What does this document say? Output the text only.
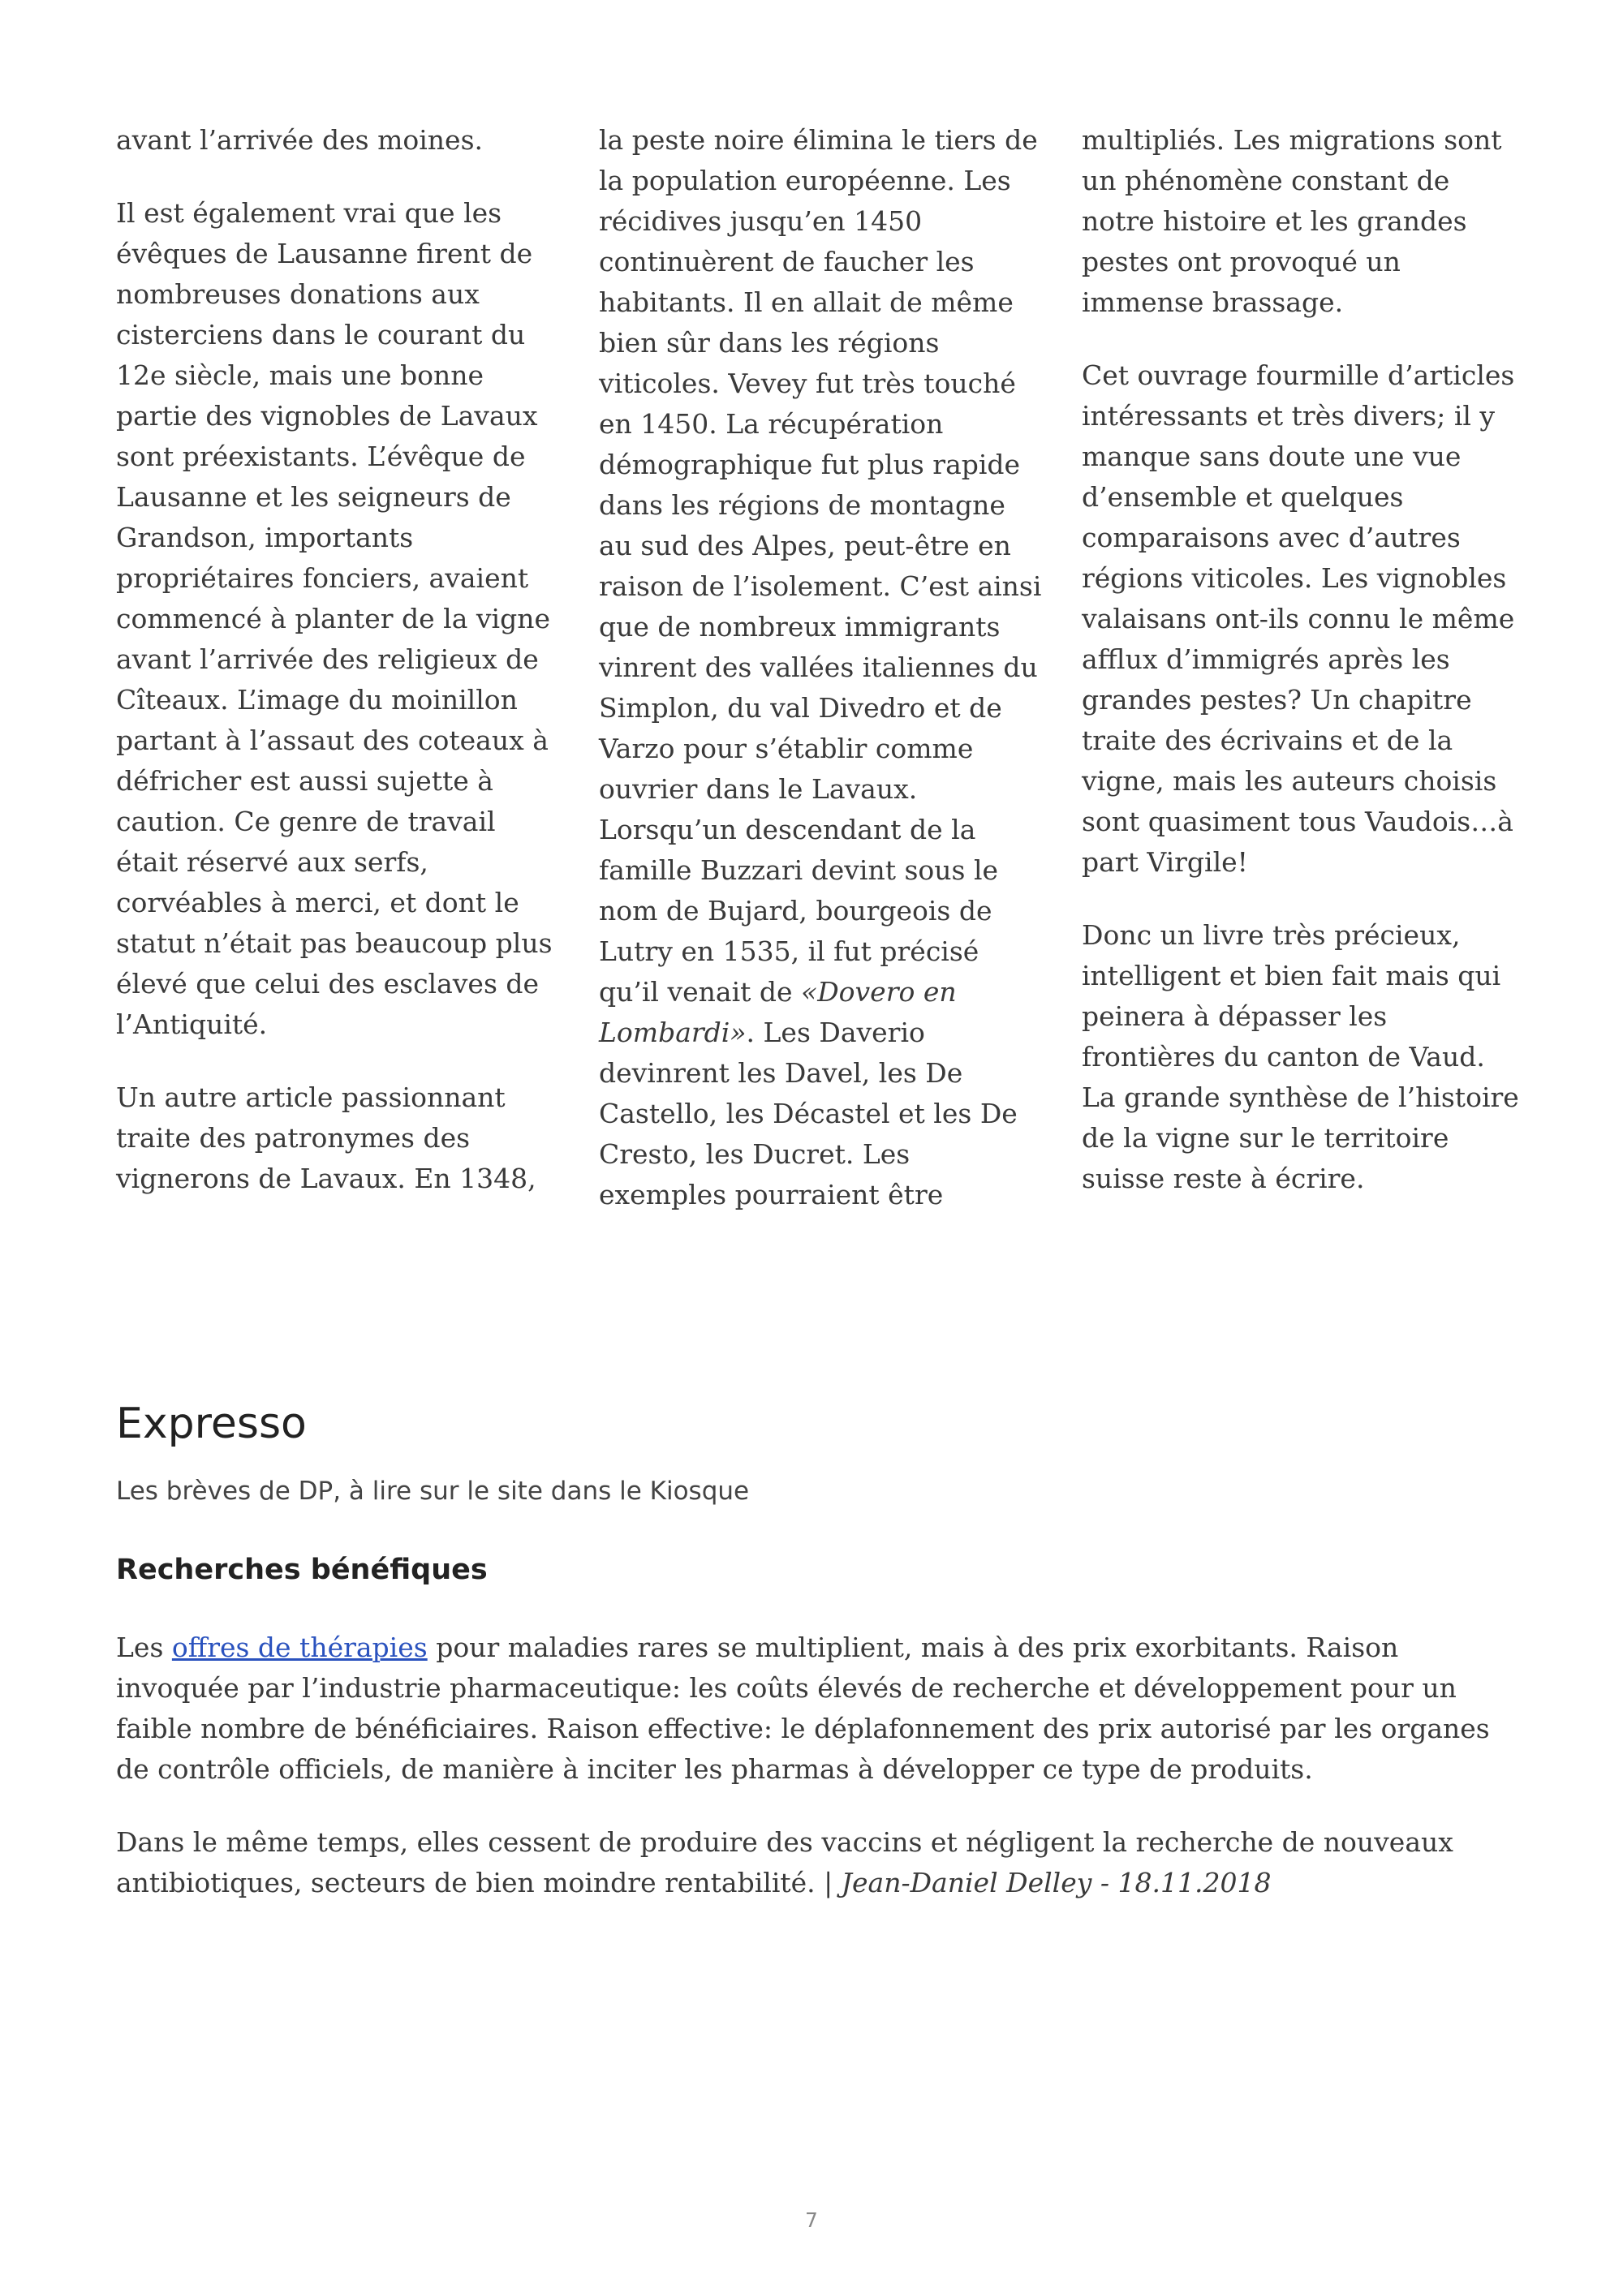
avant l’arrivée des moines.

Il est également vrai que les évêques de Lausanne firent de nombreuses donations aux cisterciens dans le courant du 12e siècle, mais une bonne partie des vignobles de Lavaux sont préexistants. L’évêque de Lausanne et les seigneurs de Grandson, importants propriétaires fonciers, avaient commencé à planter de la vigne avant l’arrivée des religieux de Cîteaux. L’image du moinillon partant à l’assaut des coteaux à défricher est aussi sujette à caution. Ce genre de travail était réservé aux serfs, corvéables à merci, et dont le statut n’était pas beaucoup plus élevé que celui des esclaves de l’Antiquité.

Un autre article passionnant traite des patronymes des vignerons de Lavaux. En 1348,

la peste noire élimina le tiers de la population européenne. Les récidives jusqu’en 1450 continuèrent de faucher les habitants. Il en allait de même bien sûr dans les régions viticoles. Vevey fut très touché en 1450. La récupération démographique fut plus rapide dans les régions de montagne au sud des Alpes, peut-être en raison de l’isolement. C’est ainsi que de nombreux immigrants vinrent des vallées italiennes du Simplon, du val Divedro et de Varzo pour s’établir comme ouvrier dans le Lavaux. Lorsqu’un descendant de la famille Buzzari devint sous le nom de Bujard, bourgeois de Lutry en 1535, il fut précisé qu’il venait de «Dovero en Lombardi». Les Daverio devinrent les Davel, les De Castello, les Décastel et les De Cresto, les Ducret. Les exemples pourraient être

multipliés. Les migrations sont un phénomène constant de notre histoire et les grandes pestes ont provoqué un immense brassage.

Cet ouvrage fourmille d’articles intéressants et très divers; il y manque sans doute une vue d’ensemble et quelques comparaisons avec d’autres régions viticoles. Les vignobles valaisans ont-ils connu le même afflux d’immigrés après les grandes pestes? Un chapitre traite des écrivains et de la vigne, mais les auteurs choisis sont quasiment tous Vaudois…à part Virgile!

Donc un livre très précieux, intelligent et bien fait mais qui peinera à dépasser les frontières du canton de Vaud. La grande synthèse de l’histoire de la vigne sur le territoire suisse reste à écrire.

Expresso

Les brèves de DP, à lire sur le site dans le Kiosque

Recherches bénéfiques

Les offres de thérapies pour maladies rares se multiplient, mais à des prix exorbitants. Raison invoquée par l’industrie pharmaceutique: les coûts élevés de recherche et développement pour un faible nombre de bénéficiaires. Raison effective: le déplafonnement des prix autorisé par les organes de contrôle officiels, de manière à inciter les pharmas à développer ce type de produits.

Dans le même temps, elles cessent de produire des vaccins et négligent la recherche de nouveaux antibiotiques, secteurs de bien moindre rentabilité. | Jean-Daniel Delley - 18.11.2018

7
